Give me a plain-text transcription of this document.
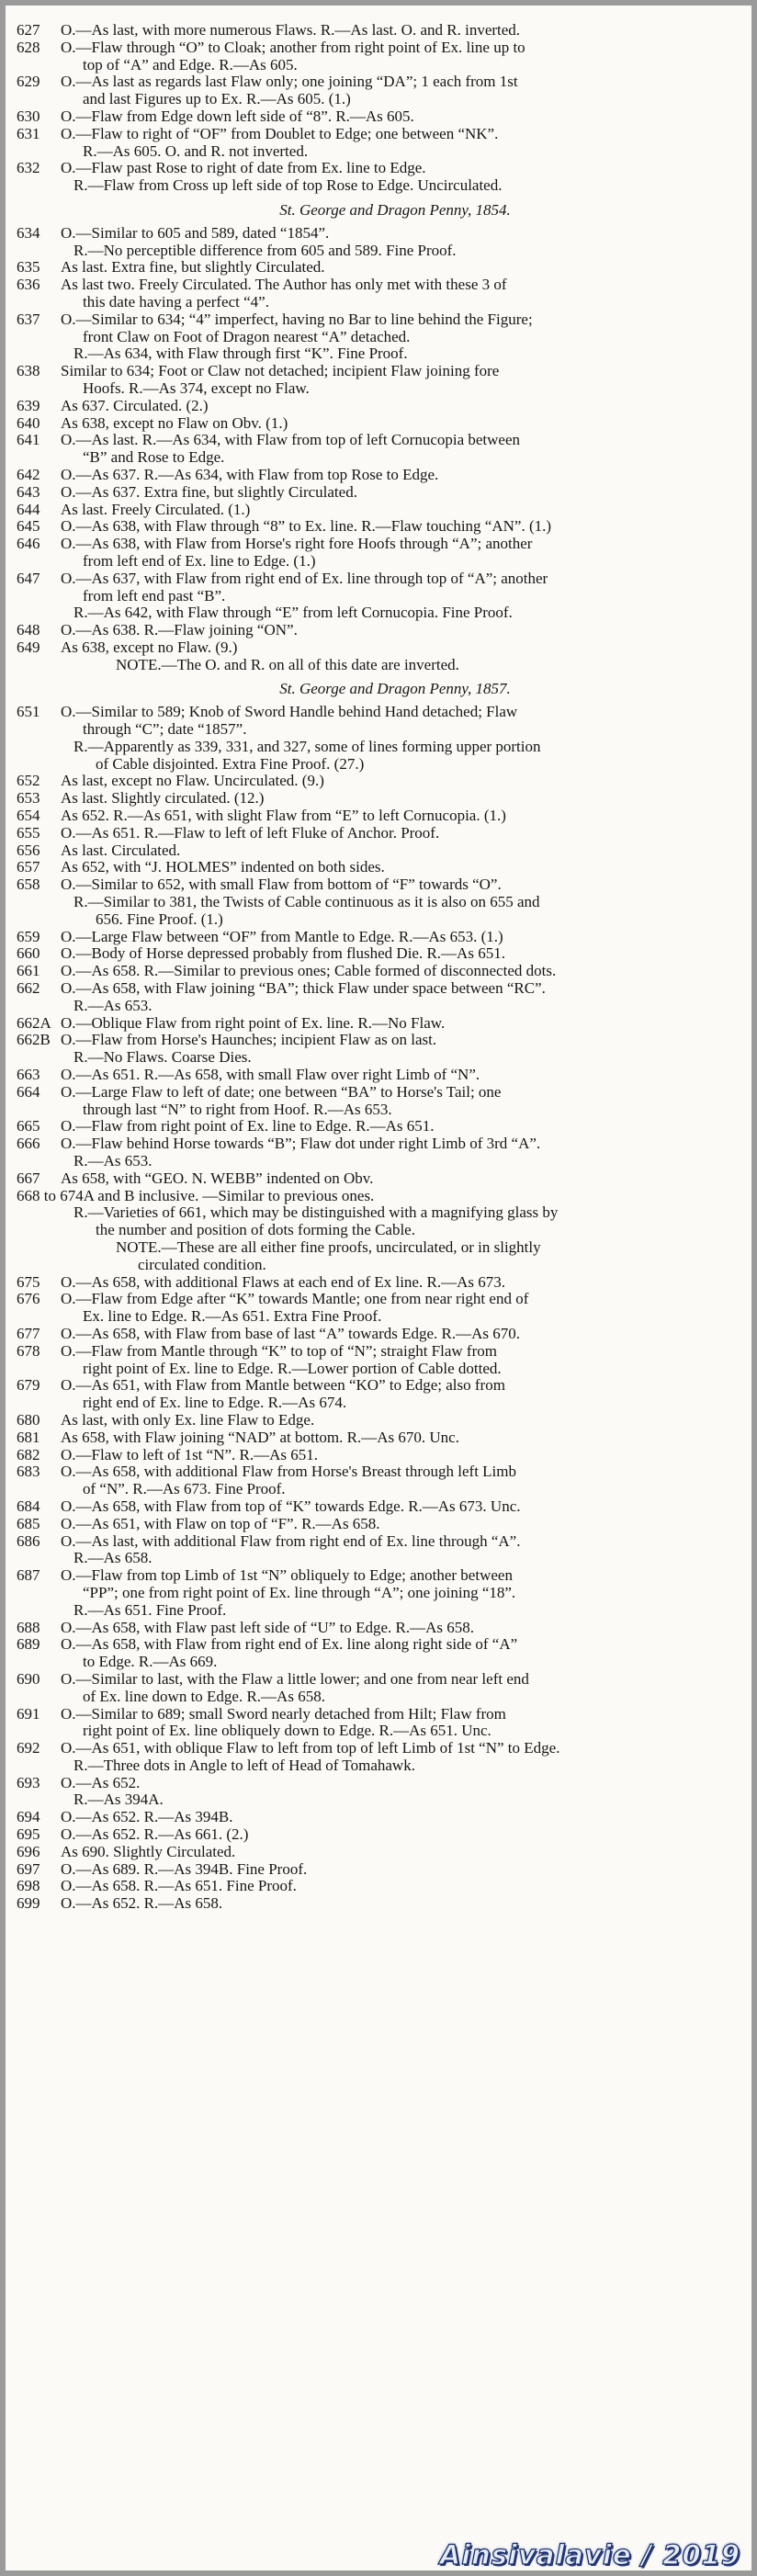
627	O.—As last, with more numerous Flaws. R.—As last. O. and R. inverted.
628	O.—Flaw through “O” to Cloak; another from right point of Ex. line up to
top of “A” and Edge. R.—As 605.
629	O.—As last as regards last Flaw only; one joining “DA”; 1 each from 1st
and last Figures up to Ex. R.—As 605. (1.)
630	O.—Flaw from Edge down left side of “8”. R.—As 605.
631	O.—Flaw to right of “OF” from Doublet to Edge; one between “NK”.
R.—As 605. O. and R. not inverted.
632	O.—Flaw past Rose to right of date from Ex. line to Edge.
R.—Flaw from Cross up left side of top Rose to Edge. Uncirculated.
St. George and Dragon Penny, 1854.
634	O.—Similar to 605 and 589, dated “1854”.
R.—No perceptible difference from 605 and 589. Fine Proof.
635	As last. Extra fine, but slightly Circulated.
636	As last two. Freely Circulated. The Author has only met with these 3 of
this date having a perfect “4”.
637	O.—Similar to 634; “4” imperfect, having no Bar to line behind the Figure;
front Claw on Foot of Dragon nearest “A” detached.
R.—As 634, with Flaw through first “K”. Fine Proof.
638	Similar to 634; Foot or Claw not detached; incipient Flaw joining fore
Hoofs. R.—As 374, except no Flaw.
639	As 637. Circulated. (2.)
640	As 638, except no Flaw on Obv. (1.)
641	O.—As last. R.—As 634, with Flaw from top of left Cornucopia between
“B” and Rose to Edge.
642	O.—As 637. R.—As 634, with Flaw from top Rose to Edge.
643	O.—As 637. Extra fine, but slightly Circulated.
644	As last. Freely Circulated. (1.)
645	O.—As 638, with Flaw through “8” to Ex. line. R.—Flaw touching “AN”. (1.)
646	O.—As 638, with Flaw from Horse's right fore Hoofs through “A”; another
from left end of Ex. line to Edge. (1.)
647	O.—As 637, with Flaw from right end of Ex. line through top of “A”; another
from left end past “B”.
R.—As 642, with Flaw through “E” from left Cornucopia. Fine Proof.
648	O.—As 638. R.—Flaw joining “ON”.
649	As 638, except no Flaw. (9.)
NOTE.—The O. and R. on all of this date are inverted.
St. George and Dragon Penny, 1857.
651	O.—Similar to 589; Knob of Sword Handle behind Hand detached; Flaw
through “C”; date “1857”.
R.—Apparently as 339, 331, and 327, some of lines forming upper portion
of Cable disjointed. Extra Fine Proof. (27.)
652	As last, except no Flaw. Uncirculated. (9.)
653	As last. Slightly circulated. (12.)
654	As 652. R.—As 651, with slight Flaw from “E” to left Cornucopia. (1.)
655	O.—As 651. R.—Flaw to left of left Fluke of Anchor. Proof.
656	As last. Circulated.
657	As 652, with “J. HOLMES” indented on both sides.
658	O.—Similar to 652, with small Flaw from bottom of “F” towards “O”.
R.—Similar to 381, the Twists of Cable continuous as it is also on 655 and
656. Fine Proof. (1.)
659	O.—Large Flaw between “OF” from Mantle to Edge. R.—As 653. (1.)
660	O.—Body of Horse depressed probably from flushed Die. R.—As 651.
661	O.—As 658. R.—Similar to previous ones; Cable formed of disconnected dots.
662	O.—As 658, with Flaw joining “BA”; thick Flaw under space between “RC”.
R.—As 653.
662A O.—Oblique Flaw from right point of Ex. line. R.—No Flaw.
662B O.—Flaw from Horse's Haunches; incipient Flaw as on last.
R.—No Flaws. Coarse Dies.
663	O.—As 651. R.—As 658, with small Flaw over right Limb of “N”.
664	O.—Large Flaw to left of date; one between “BA” to Horse's Tail; one
through last “N” to right from Hoof. R.—As 653.
665	O.—Flaw from right point of Ex. line to Edge. R.—As 651.
666	O.—Flaw behind Horse towards “B”; Flaw dot under right Limb of 3rd “A”.
R.—As 653.
667	As 658, with “GEO. N. WEBB” indented on Obv.
668 to 674A and B inclusive. —Similar to previous ones.
R.—Varieties of 661, which may be distinguished with a magnifying glass by
the number and position of dots forming the Cable.
NOTE.—These are all either fine proofs, uncirculated, or in slightly
circulated condition.
675	O.—As 658, with additional Flaws at each end of Ex line. R.—As 673.
676	O.—Flaw from Edge after “K” towards Mantle; one from near right end of
Ex. line to Edge. R.—As 651. Extra Fine Proof.
677	O.—As 658, with Flaw from base of last “A” towards Edge. R.—As 670.
678	O.—Flaw from Mantle through “K” to top of “N”; straight Flaw from
right point of Ex. line to Edge. R.—Lower portion of Cable dotted.
679	O.—As 651, with Flaw from Mantle between “KO” to Edge; also from
right end of Ex. line to Edge. R.—As 674.
680	As last, with only Ex. line Flaw to Edge.
681	As 658, with Flaw joining “NAD” at bottom. R.—As 670. Unc.
682	O.—Flaw to left of 1st “N”. R.—As 651.
683	O.—As 658, with additional Flaw from Horse's Breast through left Limb
of “N”. R.—As 673. Fine Proof.
684	O.—As 658, with Flaw from top of “K” towards Edge. R.—As 673. Unc.
685	O.—As 651, with Flaw on top of “F”. R.—As 658.
686	O.—As last, with additional Flaw from right end of Ex. line through “A”.
R.—As 658.
687	O.—Flaw from top Limb of 1st “N” obliquely to Edge; another between
“PP”; one from right point of Ex. line through “A”; one joining “18”.
R.—As 651. Fine Proof.
688	O.—As 658, with Flaw past left side of “U” to Edge. R.—As 658.
689	O.—As 658, with Flaw from right end of Ex. line along right side of “A”
to Edge. R.—As 669.
690	O.—Similar to last, with the Flaw a little lower; and one from near left end
of Ex. line down to Edge. R.—As 658.
691	O.—Similar to 689; small Sword nearly detached from Hilt; Flaw from
right point of Ex. line obliquely down to Edge. R.—As 651. Unc.
692	O.—As 651, with oblique Flaw to left from top of left Limb of 1st “N” to Edge.
R.—Three dots in Angle to left of Head of Tomahawk.
693	O.—As 652.
R.—As 394A.
694	O.—As 652. R.—As 394B.
695	O.—As 652. R.—As 661. (2.)
696	As 690. Slightly Circulated.
697	O.—As 689. R.—As 394B. Fine Proof.
698	O.—As 658. R.—As 651. Fine Proof.
699	O.—As 652. R.—As 658.
Ainsivalavie / 2019
